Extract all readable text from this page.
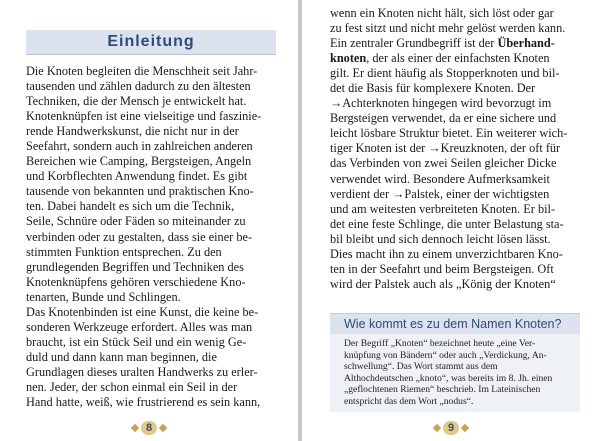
Einleitung

Die Knoten begleiten die Menschheit seit Jahr-

tausenden und zählen dadurch zu den ältesten

Techniken, die der Mensch je entwickelt hat.

Knotenknüpfen ist eine vielseitige und faszinie-

rende Handwerkskunst, die nicht nur in der

Seefahrt, sondern auch in zahlreichen anderen

Bereichen wie Camping, Bergsteigen, Angeln

und Korbflechten Anwendung findet. Es gibt

tausende von bekannten und praktischen Kno-

ten. Dabei handelt es sich um die Technik,

Seile, Schnüre oder Fäden so miteinander zu

verbinden oder zu gestalten, dass sie einer be-

stimmten Funktion entsprechen. Zu den

grundlegenden Begriffen und Techniken des

Knotenknüpfens gehören verschiedene Kno-

tenarten, Bunde und Schlingen.

Das Knotenbinden ist eine Kunst, die keine be-

sonderen Werkzeuge erfordert. Alles was man

braucht, ist ein Stück Seil und ein wenig Ge-

duld und dann kann man beginnen, die

Grundlagen dieses uralten Handwerks zu erler-

nen. Jeder, der schon einmal ein Seil in der

Hand hatte, weiß, wie frustrierend es sein kann,

8

wenn ein Knoten nicht hält, sich löst oder gar

zu fest sitzt und nicht mehr gelöst werden kann.

Ein zentraler Grundbegriff ist der Überhand-

knoten, der als einer der einfachsten Knoten

gilt. Er dient häufig als Stopperknoten und bil-

det die Basis für komplexere Knoten. Der

→Achterknoten hingegen wird bevorzugt im

Bergsteigen verwendet, da er eine sichere und

leicht lösbare Struktur bietet. Ein weiterer wich-

tiger Knoten ist der →Kreuzknoten, der oft für

das Verbinden von zwei Seilen gleicher Dicke

verwendet wird. Besondere Aufmerksamkeit

verdient der →Palstek, einer der wichtigsten

und am weitesten verbreiteten Knoten. Er bil-

det eine feste Schlinge, die unter Belastung sta-

bil bleibt und sich dennoch leicht lösen lässt.

Dies macht ihn zu einem unverzichtbaren Kno-

ten in der Seefahrt und beim Bergsteigen. Oft

wird der Palstek auch als „König der Knoten“

Wie kommt es zu dem Namen Knoten?

Der Begriff „Knoten“ bezeichnet heute „eine Ver-

knüpfung von Bändern“ oder auch „Verdickung, An-

schwellung“. Das Wort stammt aus dem

Althochdeutschen „knoto“, was bereits im 8. Jh. einen

„geflochtenen Riemen“ beschrieb. Im Lateinischen

entspricht das dem Wort „nodus“.

9
